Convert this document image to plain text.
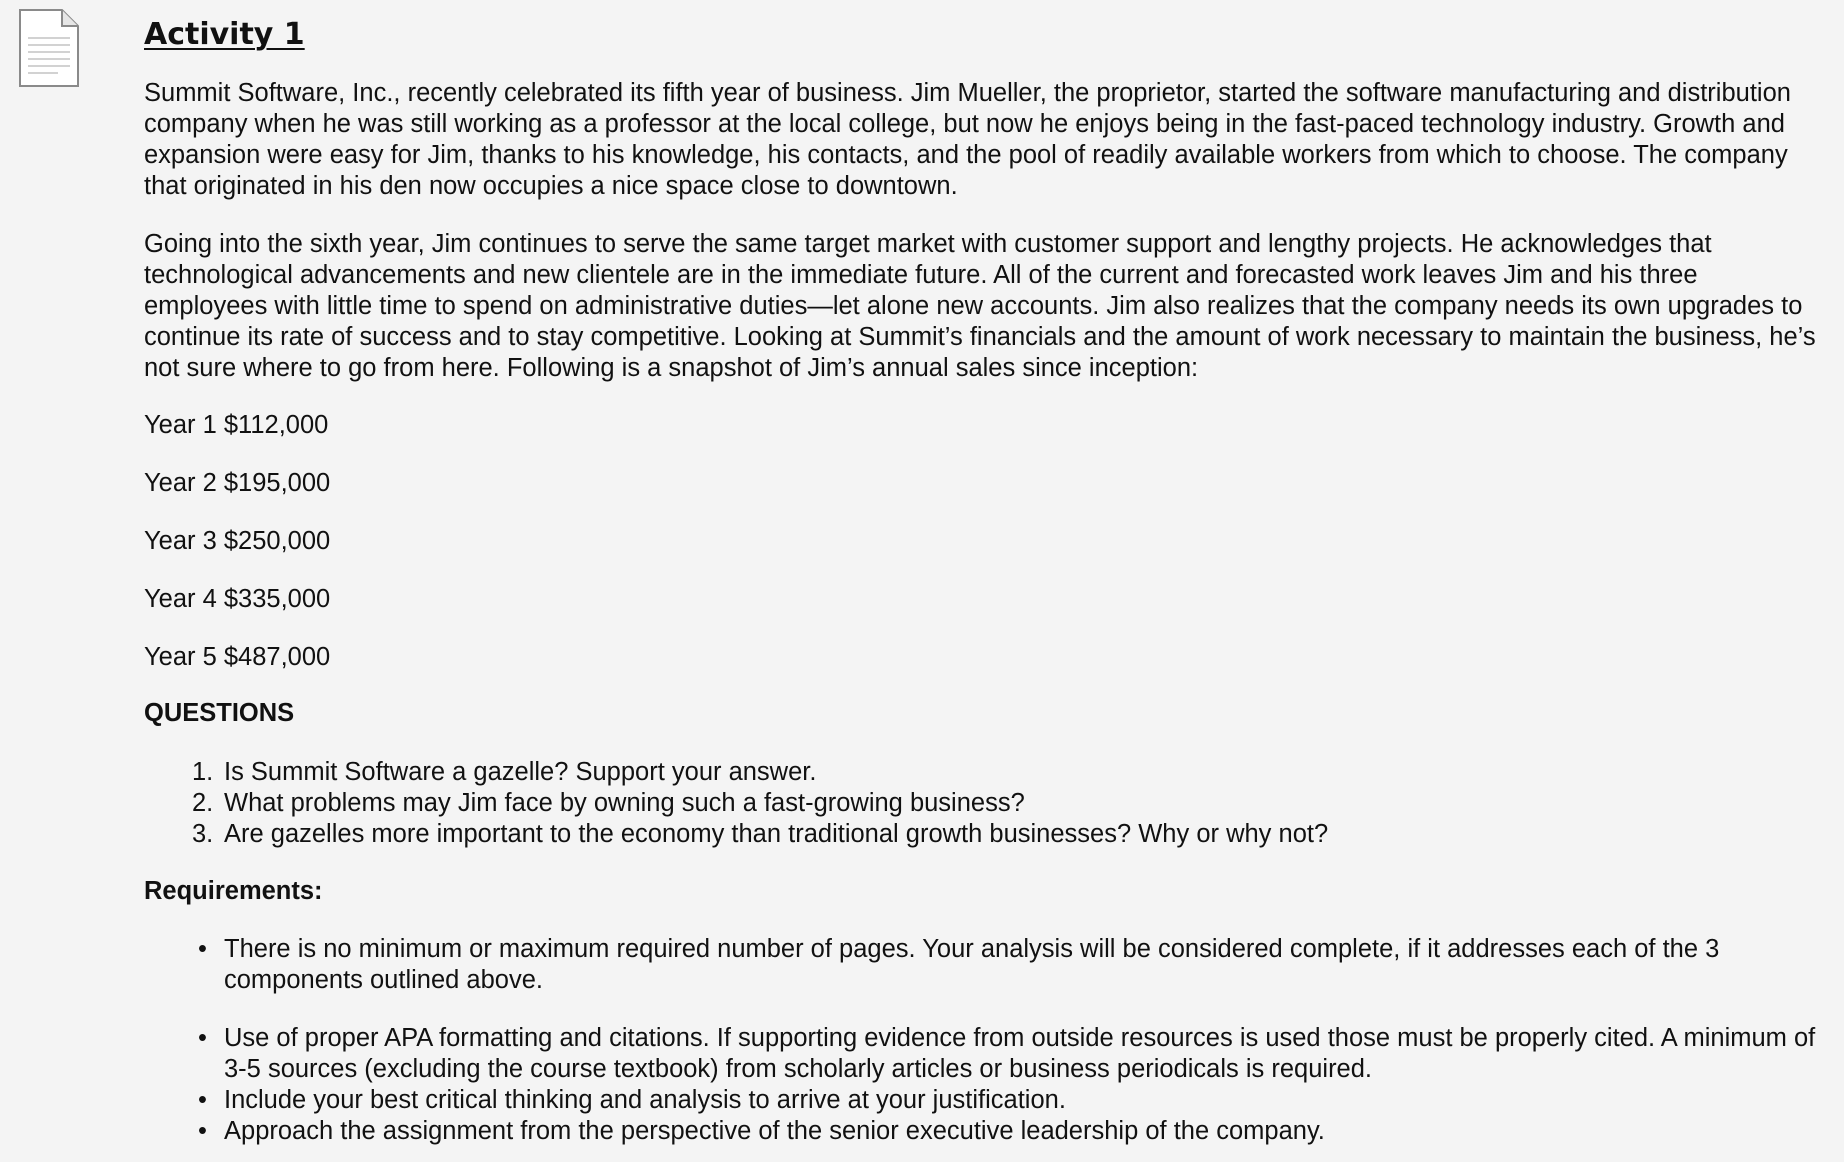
Activity 1

Summit Software, Inc., recently celebrated its fifth year of business. Jim Mueller, the proprietor, started the software manufacturing and distribution company when he was still working as a professor at the local college, but now he enjoys being in the fast-paced technology industry. Growth and expansion were easy for Jim, thanks to his knowledge, his contacts, and the pool of readily available workers from which to choose. The company that originated in his den now occupies a nice space close to downtown.

Going into the sixth year, Jim continues to serve the same target market with customer support and lengthy projects. He acknowledges that technological advancements and new clientele are in the immediate future. All of the current and forecasted work leaves Jim and his three employees with little time to spend on administrative duties—let alone new accounts. Jim also realizes that the company needs its own upgrades to continue its rate of success and to stay competitive. Looking at Summit’s financials and the amount of work necessary to maintain the business, he’s not sure where to go from here. Following is a snapshot of Jim’s annual sales since inception:

Year 1 $112,000
Year 2 $195,000
Year 3 $250,000
Year 4 $335,000
Year 5 $487,000
QUESTIONS
1. Is Summit Software a gazelle? Support your answer.
2. What problems may Jim face by owning such a fast-growing business?
3. Are gazelles more important to the economy than traditional growth businesses? Why or why not?
Requirements:
• There is no minimum or maximum required number of pages. Your analysis will be considered complete, if it addresses each of the 3 components outlined above.
• Use of proper APA formatting and citations. If supporting evidence from outside resources is used those must be properly cited. A minimum of 3-5 sources (excluding the course textbook) from scholarly articles or business periodicals is required.
• Include your best critical thinking and analysis to arrive at your justification.
• Approach the assignment from the perspective of the senior executive leadership of the company.
